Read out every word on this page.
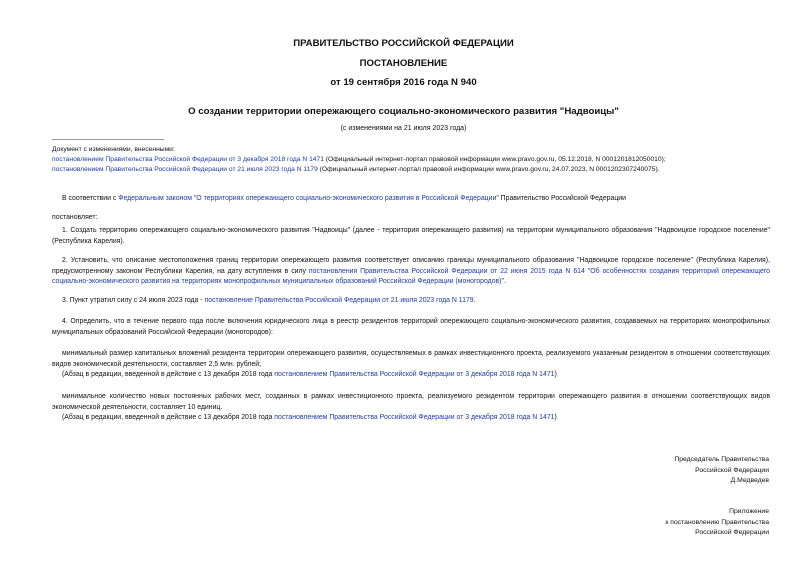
ПРАВИТЕЛЬСТВО РОССИЙСКОЙ ФЕДЕРАЦИИ
ПОСТАНОВЛЕНИЕ
от 19 сентября 2016 года N 940
О создании территории опережающего социально-экономического развития "Надвоицы"
(с изменениями на 21 июля 2023 года)
Документ с изменениями, внесенными:
постановлением Правительства Российской Федерации от 3 декабря 2018 года N 1471 (Официальный интернет-портал правовой информации www.pravo.gov.ru, 05.12.2018, N 0001201812050010);
постановлением Правительства Российской Федерации от 21 июля 2023 года N 1179 (Официальный интернет-портал правовой информации www.pravo.gov.ru, 24.07.2023, N 0001202307240075).
В соответствии с Федеральным законом "О территориях опережающего социально-экономического развития в Российской Федерации" Правительство Российской Федерации
постановляет:
1. Создать территорию опережающего социально-экономического развития "Надвоицы" (далее - территория опережающего развития) на территории муниципального образования "Надвоицкое городское поселение" (Республика Карелия).
2. Установить, что описание местоположения границ территории опережающего развития соответствует описанию границы муниципального образования "Надвоицкое городское поселение" (Республика Карелия), предусмотренному законом Республики Карелия, на дату вступления в силу постановления Правительства Российской Федерации от 22 июня 2015 года N 614 "Об особенностях создания территорий опережающего социально-экономического развития на территориях монопрофильных муниципальных образований Российской Федерации (моногородов)".
3. Пункт утратил силу с 24 июля 2023 года - постановление Правительства Российской Федерации от 21 июля 2023 года N 1179.
4. Определить, что в течение первого года после включения юридического лица в реестр резидентов территорий опережающего социально-экономического развития, создаваемых на территориях монопрофильных муниципальных образований Российской Федерации (моногородов):
минимальный размер капитальных вложений резидента территории опережающего развития, осуществляемых в рамках инвестиционного проекта, реализуемого указанным резидентом в отношении соответствующих видов экономической деятельности, составляет 2,5 млн. рублей;
(Абзац в редакции, введенной в действие с 13 декабря 2018 года постановлением Правительства Российской Федерации от 3 декабря 2018 года N 1471)
минимальное количество новых постоянных рабочих мест, созданных в рамках инвестиционного проекта, реализуемого резидентом территории опережающего развития в отношении соответствующих видов экономической деятельности, составляет 10 единиц.
(Абзац в редакции, введенной в действие с 13 декабря 2018 года постановлением Правительства Российской Федерации от 3 декабря 2018 года N 1471)
Председатель Правительства
Российской Федерации
Д.Медведев
Приложение
к постановлению Правительства
Российской Федерации
